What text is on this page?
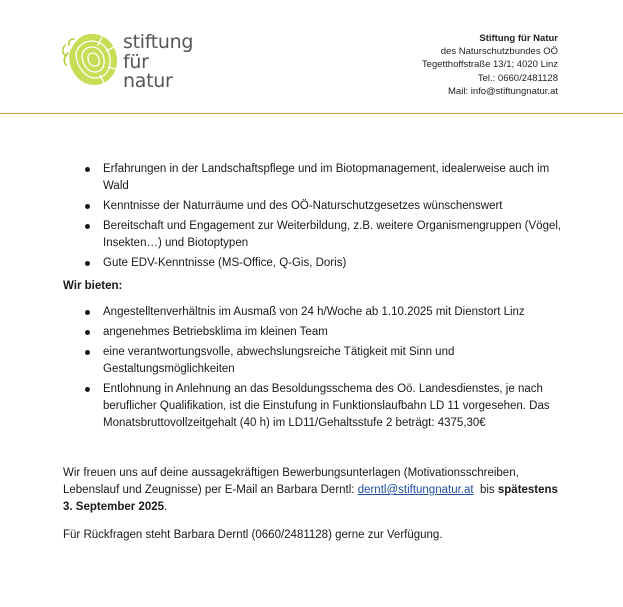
stiftung
für
natur
Stiftung für Natur
des Naturschutzbundes OÖ
Tegetthoffstraße 13/1; 4020 Linz
Tel.: 0660/2481128
Mail: info@stiftungnatur.at
Erfahrungen in der Landschaftspflege und im Biotopmanagement, idealerweise auch im Wald
Kenntnisse der Naturräume und des OÖ-Naturschutzgesetzes wünschenswert
Bereitschaft und Engagement zur Weiterbildung, z.B. weitere Organismengruppen (Vögel, Insekten…) und Biotoptypen
Gute EDV-Kenntnisse (MS-Office, Q-Gis, Doris)
Wir bieten:
Angestelltenverhältnis im Ausmaß von 24 h/Woche ab 1.10.2025 mit Dienstort Linz
angenehmes Betriebsklima im kleinen Team
eine verantwortungsvolle, abwechslungsreiche Tätigkeit mit Sinn und Gestaltungsmöglichkeiten
Entlohnung in Anlehnung an das Besoldungsschema des Oö. Landesdienstes, je nach beruflicher Qualifikation, ist die Einstufung in Funktionslaufbahn LD 11 vorgesehen. Das Monatsbruttovollzeitgehalt (40 h) im LD11/Gehaltsstufe 2 beträgt: 4375,30€

Wir freuen uns auf deine aussagekräftigen Bewerbungsunterlagen (Motivationsschreiben, Lebenslauf und Zeugnisse) per E-Mail an Barbara Derntl: derntl@stiftungnatur.at  bis spätestens 3. September 2025.

Für Rückfragen steht Barbara Derntl (0660/2481128) gerne zur Verfügung.
